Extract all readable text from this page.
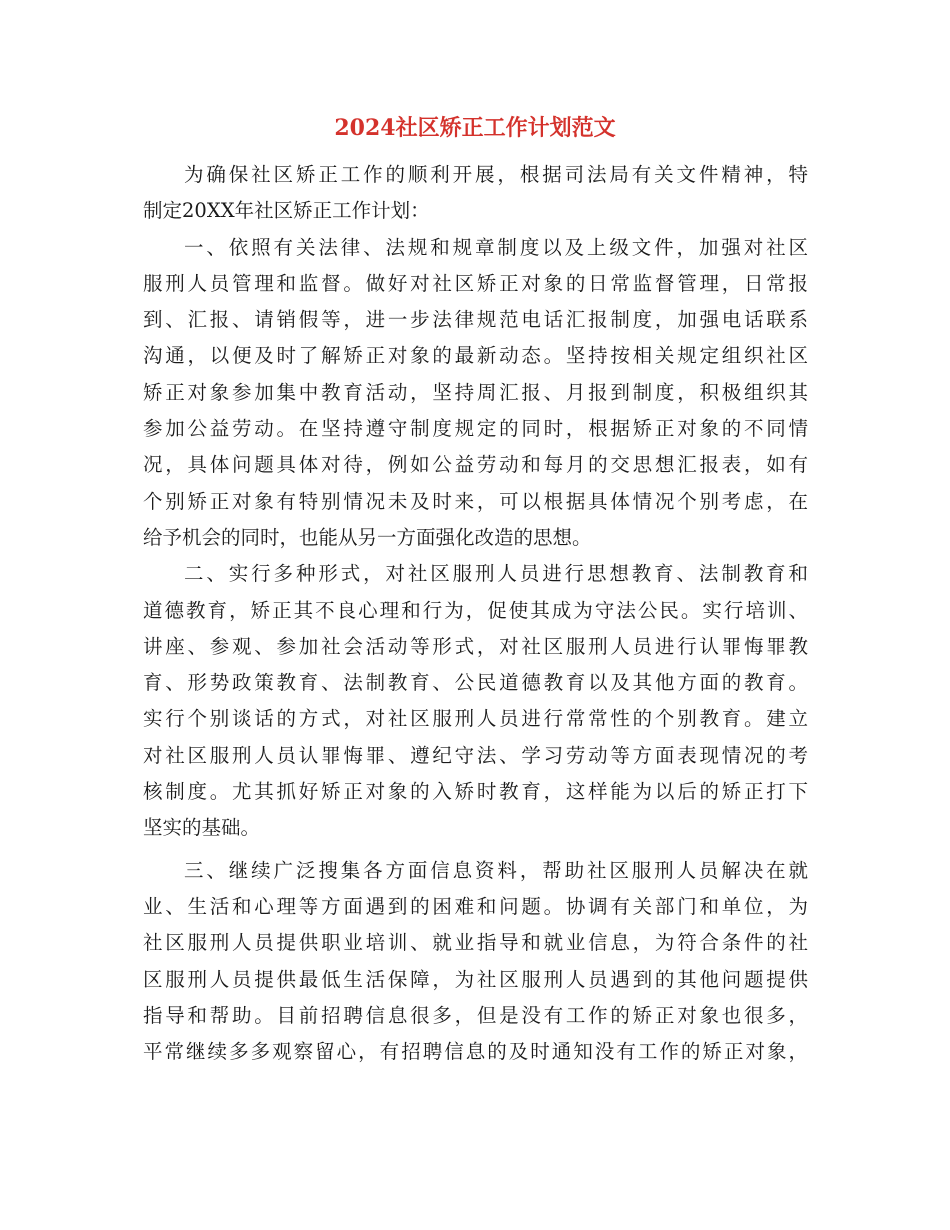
2024社区矫正工作计划范文

为确保社区矫正工作的顺利开展，根据司法局有关文件精神，特
制定20XX年社区矫正工作计划：

一、依照有关法律、法规和规章制度以及上级文件，加强对社区
服刑人员管理和监督。做好对社区矫正对象的日常监督管理，日常报
到、汇报、请销假等，进一步法律规范电话汇报制度，加强电话联系
沟通，以便及时了解矫正对象的最新动态。坚持按相关规定组织社区
矫正对象参加集中教育活动，坚持周汇报、月报到制度，积极组织其
参加公益劳动。在坚持遵守制度规定的同时，根据矫正对象的不同情
况，具体问题具体对待，例如公益劳动和每月的交思想汇报表，如有
个别矫正对象有特别情况未及时来，可以根据具体情况个别考虑，在
给予机会的同时，也能从另一方面强化改造的思想。

二、实行多种形式，对社区服刑人员进行思想教育、法制教育和
道德教育，矫正其不良心理和行为，促使其成为守法公民。实行培训、
讲座、参观、参加社会活动等形式，对社区服刑人员进行认罪悔罪教
育、形势政策教育、法制教育、公民道德教育以及其他方面的教育。
实行个别谈话的方式，对社区服刑人员进行常常性的个别教育。建立
对社区服刑人员认罪悔罪、遵纪守法、学习劳动等方面表现情况的考
核制度。尤其抓好矫正对象的入矫时教育，这样能为以后的矫正打下
坚实的基础。

三、继续广泛搜集各方面信息资料，帮助社区服刑人员解决在就
业、生活和心理等方面遇到的困难和问题。协调有关部门和单位，为
社区服刑人员提供职业培训、就业指导和就业信息，为符合条件的社
区服刑人员提供最低生活保障，为社区服刑人员遇到的其他问题提供
指导和帮助。目前招聘信息很多，但是没有工作的矫正对象也很多，
平常继续多多观察留心，有招聘信息的及时通知没有工作的矫正对象，
